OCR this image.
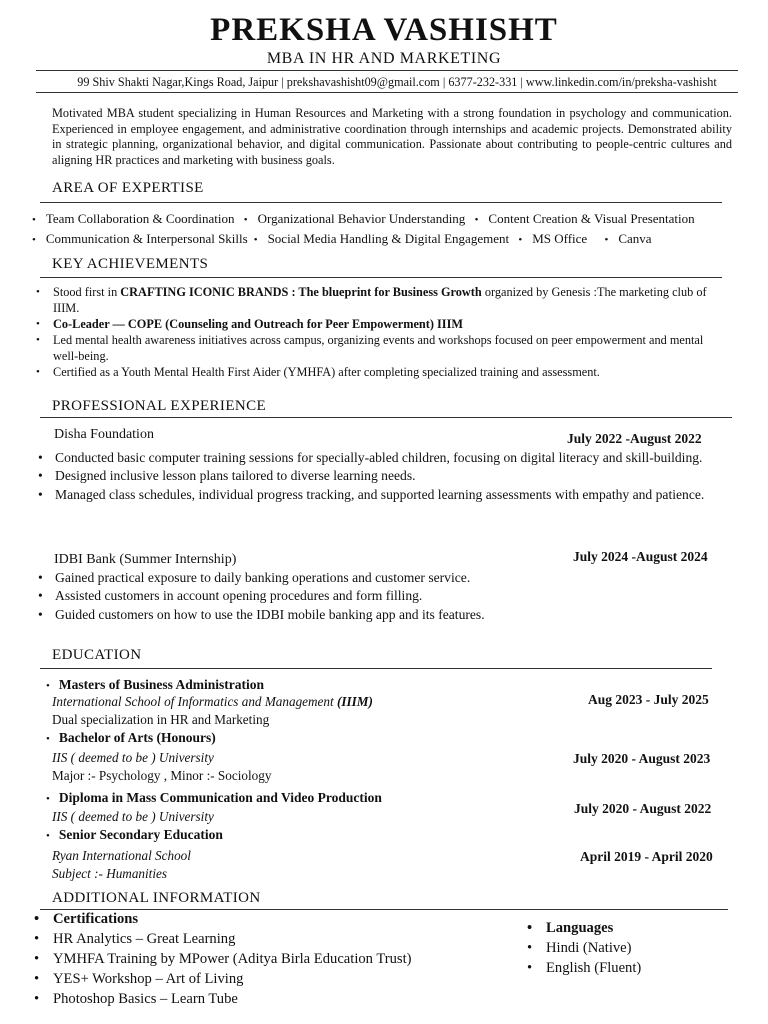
PREKSHA VASHISHT
MBA IN HR AND MARKETING
99 Shiv Shakti Nagar,Kings Road, Jaipur | prekshavashisht09@gmail.com | 6377-232-331 | www.linkedin.com/in/preksha-vashisht
Motivated MBA student specializing in Human Resources and Marketing with a strong foundation in psychology and communication. Experienced in employee engagement, and administrative coordination through internships and academic projects. Demonstrated ability in strategic planning, organizational behavior, and digital communication. Passionate about contributing to people-centric cultures and aligning HR practices and marketing with business goals.
AREA OF EXPERTISE
• Team Collaboration & Coordination • Organizational Behavior Understanding • Content Creation & Visual Presentation
• Communication & Interpersonal Skills • Social Media Handling & Digital Engagement • MS Office • Canva
KEY ACHIEVEMENTS
• Stood first in CRAFTING ICONIC BRANDS : The blueprint for Business Growth organized by Genesis :The marketing club of IIIM.
• Co-Leader — COPE (Counseling and Outreach for Peer Empowerment) IIIM
• Led mental health awareness initiatives across campus, organizing events and workshops focused on peer empowerment and mental well-being.
• Certified as a Youth Mental Health First Aider (YMHFA) after completing specialized training and assessment.
PROFESSIONAL EXPERIENCE
Disha Foundation	July 2022 -August 2022
• Conducted basic computer training sessions for specially-abled children, focusing on digital literacy and skill-building.
• Designed inclusive lesson plans tailored to diverse learning needs.
• Managed class schedules, individual progress tracking, and supported learning assessments with empathy and patience.
IDBI Bank (Summer Internship)	July 2024 -August 2024
• Gained practical exposure to daily banking operations and customer service.
• Assisted customers in account opening procedures and form filling.
• Guided customers on how to use the IDBI mobile banking app and its features.
EDUCATION
• Masters of Business Administration
International School of Informatics and Management (IIIM)
Dual specialization in HR and Marketing
Aug 2023 - July 2025
• Bachelor of Arts (Honours)
IIS ( deemed to be ) University
Major :- Psychology , Minor :- Sociology
July 2020 - August 2023
• Diploma in Mass Communication and Video Production
IIS ( deemed to be ) University
July 2020 - August 2022
• Senior Secondary Education
Ryan International School
Subject :- Humanities
April 2019 - April 2020
ADDITIONAL INFORMATION
• Certifications
• HR Analytics – Great Learning
• YMHFA Training by MPower (Aditya Birla Education Trust)
• YES+ Workshop – Art of Living
• Photoshop Basics – Learn Tube
• Languages
• Hindi (Native)
• English (Fluent)
